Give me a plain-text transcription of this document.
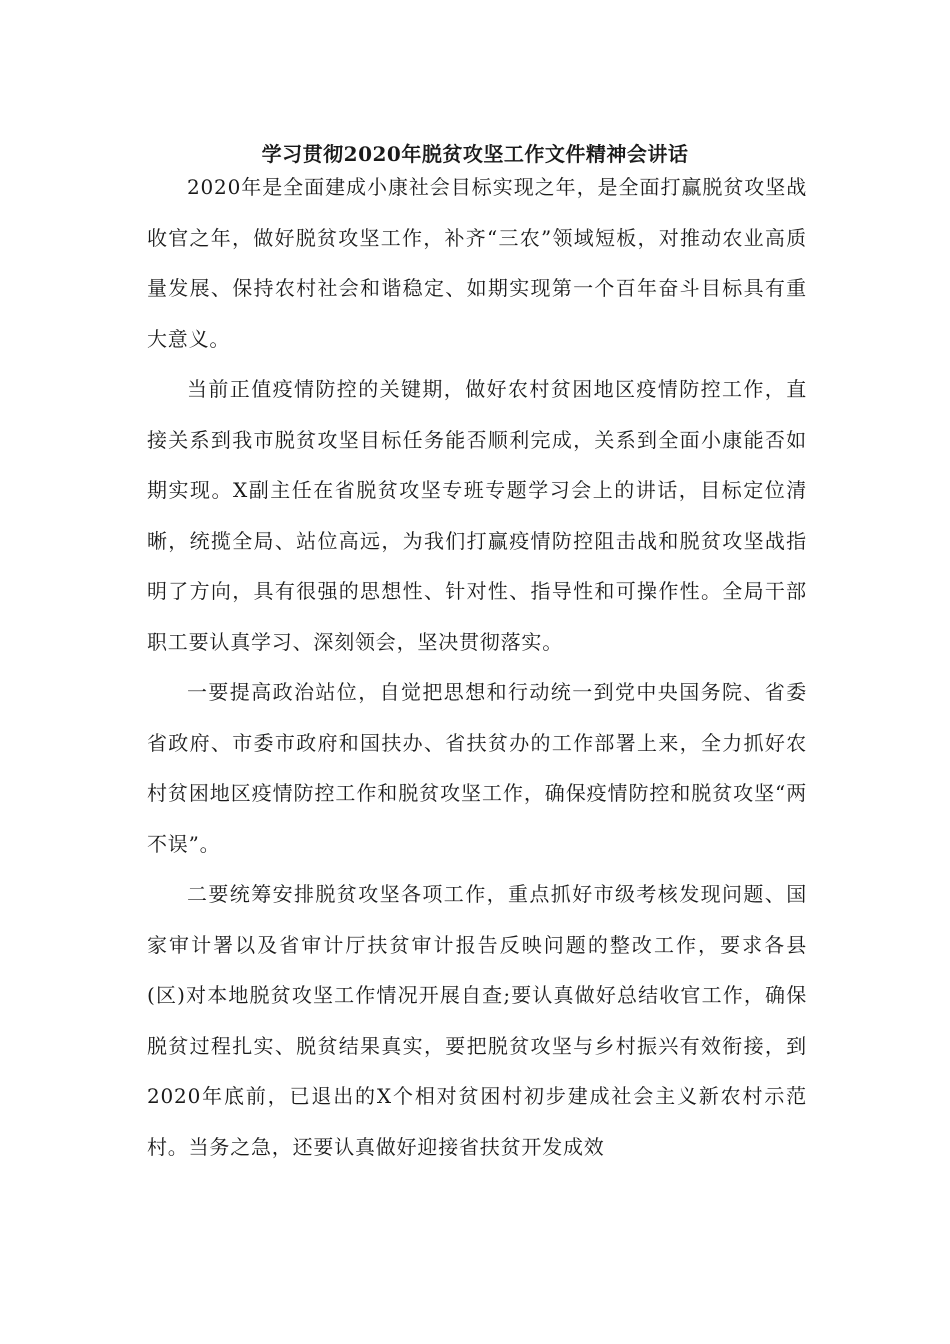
学习贯彻2020年脱贫攻坚工作文件精神会讲话

2020年是全面建成小康社会目标实现之年，是全面打赢脱贫攻坚战收官之年，做好脱贫攻坚工作，补齐“三农”领域短板，对推动农业高质量发展、保持农村社会和谐稳定、如期实现第一个百年奋斗目标具有重大意义。

当前正值疫情防控的关键期，做好农村贫困地区疫情防控工作，直接关系到我市脱贫攻坚目标任务能否顺利完成，关系到全面小康能否如期实现。X副主任在省脱贫攻坚专班专题学习会上的讲话，目标定位清晰，统揽全局、站位高远，为我们打赢疫情防控阻击战和脱贫攻坚战指明了方向，具有很强的思想性、针对性、指导性和可操作性。全局干部职工要认真学习、深刻领会，坚决贯彻落实。

一要提高政治站位，自觉把思想和行动统一到党中央国务院、省委省政府、市委市政府和国扶办、省扶贫办的工作部署上来，全力抓好农村贫困地区疫情防控工作和脱贫攻坚工作，确保疫情防控和脱贫攻坚“两不误”。

二要统筹安排脱贫攻坚各项工作，重点抓好市级考核发现问题、国家审计署以及省审计厅扶贫审计报告反映问题的整改工作，要求各县(区)对本地脱贫攻坚工作情况开展自查;要认真做好总结收官工作，确保脱贫过程扎实、脱贫结果真实，要把脱贫攻坚与乡村振兴有效衔接，到2020年底前，已退出的X个相对贫困村初步建成社会主义新农村示范村。当务之急，还要认真做好迎接省扶贫开发成效
